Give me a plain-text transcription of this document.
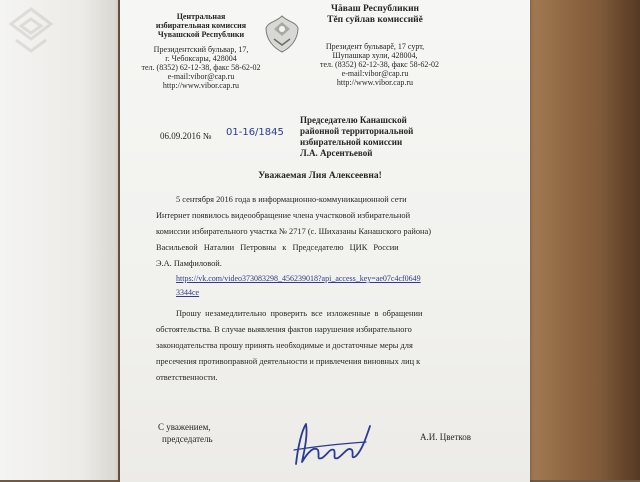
Центральная
избирательная комиссия
Чувашской Республики
Президентский бульвар, 17,
г. Чебоксары, 428004
тел. (8352) 62-12-38, факс 58-62-02
e-mail:vibor@cap.ru
http://www.vibor.cap.ru
Чăваш Республикин
Тěп суйлав комиссийě
Президент бульварě, 17 сурт,
Шупашкар хули, 428004,
тел. (8352) 62-12-38, факс 58-62-02
e-mail:vibor@cap.ru
http://www.vibor.cap.ru
06.09.2016 № 01-16/1845
Председателю Канашской
районной территориальной
избирательной комиссии
Л.А. Арсентьевой
Уважаемая Лия Алексеевна!
5 сентября 2016 года в информационно-коммуникационной сети
Интернет появилось видеообращение члена участковой избирательной
комиссии избирательного участка № 2717 (с. Шихазаны Канашского района)
Васильевой Наталии Петровны к Председателю ЦИК России
Э.А. Памфиловой.
https://vk.com/video373083298_456239018?api_access_key=ae07c4cf0649
3344ce
Прошу незамедлительно проверить все изложенные в обращении
обстоятельства. В случае выявления фактов нарушения избирательного
законодательства прошу принять необходимые и достаточные меры для
пресечения противоправной деятельности и привлечения виновных лиц к
ответственности.
С уважением,
председатель	А.И. Цветков
